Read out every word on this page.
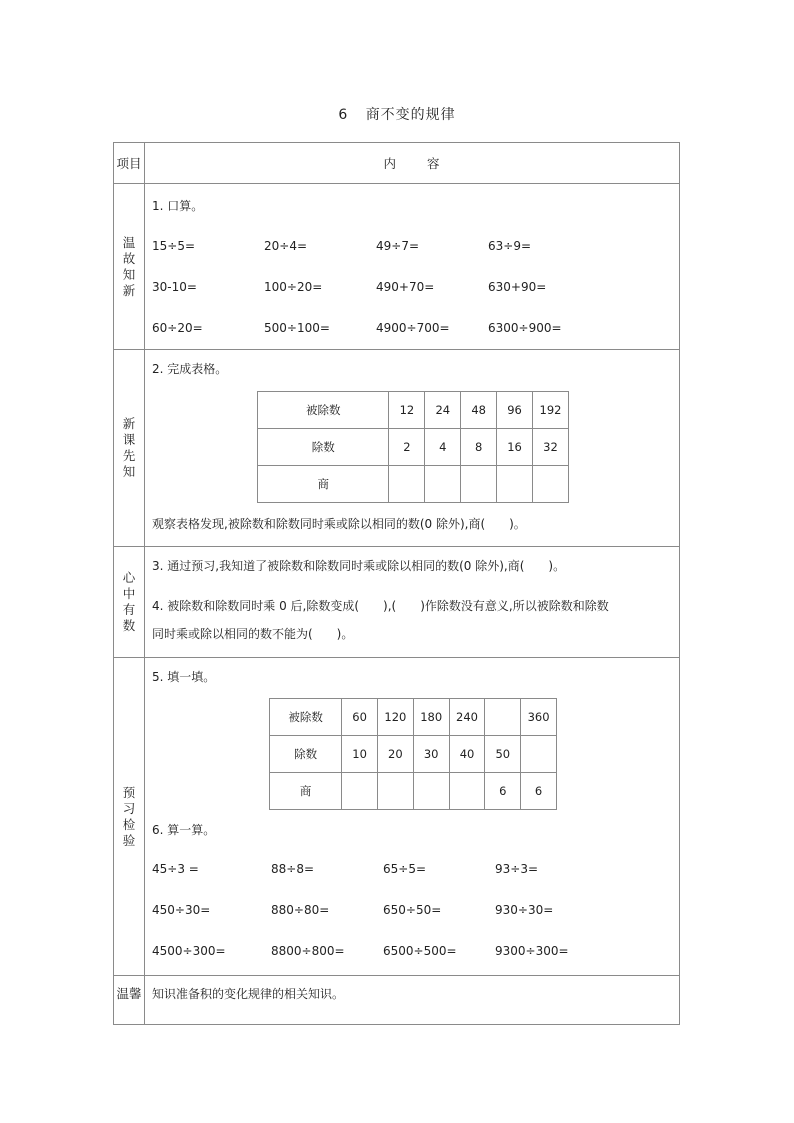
6 商不变的规律
项目	内 容
温故知新	
1. 口算。
15÷5=	20÷4=	49÷7=	63÷9=
30-10=	100÷20=	490+70=	630+90=
60÷20=	500÷100=	4900÷700=	6300÷900=

新课先知	
2. 完成表格。
被除数	12	24	48	96	192
除数	2	4	8	16	32
商					
观察表格发现,被除数和除数同时乘或除以相同的数(0 除外),商(　　)。

心中有数	
3. 通过预习,我知道了被除数和除数同时乘或除以相同的数(0 除外),商(　　)。
4. 被除数和除数同时乘 0 后,除数变成(　　),(　　)作除数没有意义,所以被除数和除数
同时乘或除以相同的数不能为(　　)。

预习检验	
5. 填一填。
被除数	60	120	180	240		360
除数	10	20	30	40	50	
商					6	6
6. 算一算。
45÷3 =	88÷8=	65÷5=	93÷3=
450÷30=	880÷80=	650÷50=	930÷30=
4500÷300=	8800÷800=	6500÷500=	9300÷300=

温馨	知识准备积的变化规律的相关知识。
